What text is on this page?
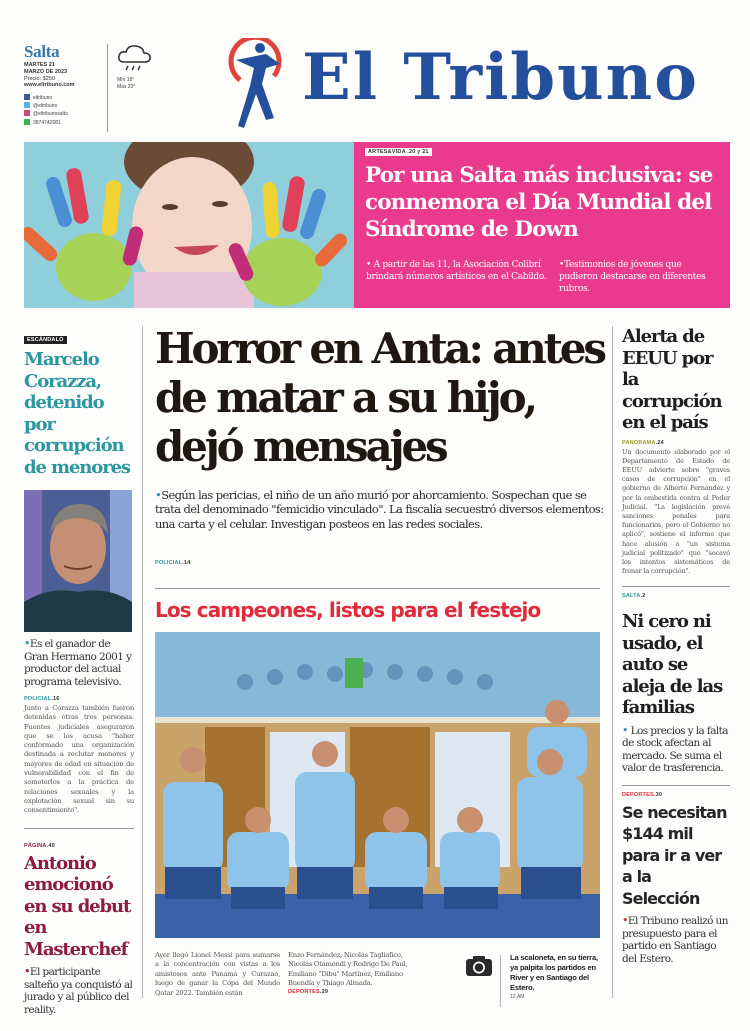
Salta
MARTES 21
MARZO DE 2023
Precio: $250
www.eltribuno.com
eltribuno
@eltribuno
@eltribunosalta
3874742081
Mín 18°
Máx 23°	El Tribuno
ARTES&VIDA .20 y 21
Por una Salta más inclusiva: se conmemora el Día Mundial del Síndrome de Down
• A partir de las 11, la Asociación Colibrí brindará números artísticos en el Cabildo.
•Testimonios de jóvenes que pudieron destacarse en diferentes rubros.
ESCÁNDALO
Marcelo Corazza, detenido por corrupción de menores

•Es el ganador de Gran Hermano 2001 y productor del actual programa televisivo.

POLICIAL.16

Junto a Corazza también fueron detenidas otras tres personas. Fuentes judiciales aseguraron que se los acusa "haber conformado una organización destinada a reclutar menores y mayores de edad en situación de vulnerabilidad con el fin de someterlos a la práctica de relaciones sexuales y la explotación sexual sin su consentimiento".

PÁGINA.40
Antonio emocionó en su debut en Masterchef

•El participante salteño ya conquistó al jurado y al público del reality.

Horror en Anta: antes de matar a su hijo, dejó mensajes

•Según las pericias, el niño de un año murió por ahorcamiento. Sospechan que se trata del denominado "femicidio vinculado". La fiscalía secuestró diversos elementos: una carta y el celular. Investigan posteos en las redes sociales.

POLICIAL.14
Los campeones, listos para el festejo
Ayer llegó Lionel Messi para sumarse a la concentración con vistas a los amistosos ante Panamá y Curazao, luego de ganar la Copa del Mundo Qatar 2022. También están
Enzo Fernández, Nicolás Tagliafico, Nicolás Otamendi y Rodrigo De Paul, Emiliano "Dibu" Martínez, Emiliano Buendía y Thiago Almada.
DEPORTES.29
La scaloneta, en su tierra, ya palpita los partidos en River y en Santiago del Estero.
12.AM
Alerta de EEUU por la corrupción en el país
PANORAMA.24

Un documento elaborado por el Departamento de Estado de EEUU advierte sobre "graves casos de corrupción" en el gobierno de Alberto Fernández y por la embestida contra el Poder Judicial. "La legislación prevé sanciones penales para funcionarios, pero el Gobierno no aplicó", sostiene el informe que hace alusión a "un sistema judicial politizado" que "socavó los intentos sistemáticos de frenar la corrupción".

SALTA.2
Ni cero ni usado, el auto se aleja de las familias

• Los precios y la falta de stock afectan al mercado. Se suma el valor de trasferencia.

DEPORTES.30
Se necesitan $144 mil para ir a ver a la Selección

•El Tribuno realizó un presupuesto para el partido en Santiago del Estero.
